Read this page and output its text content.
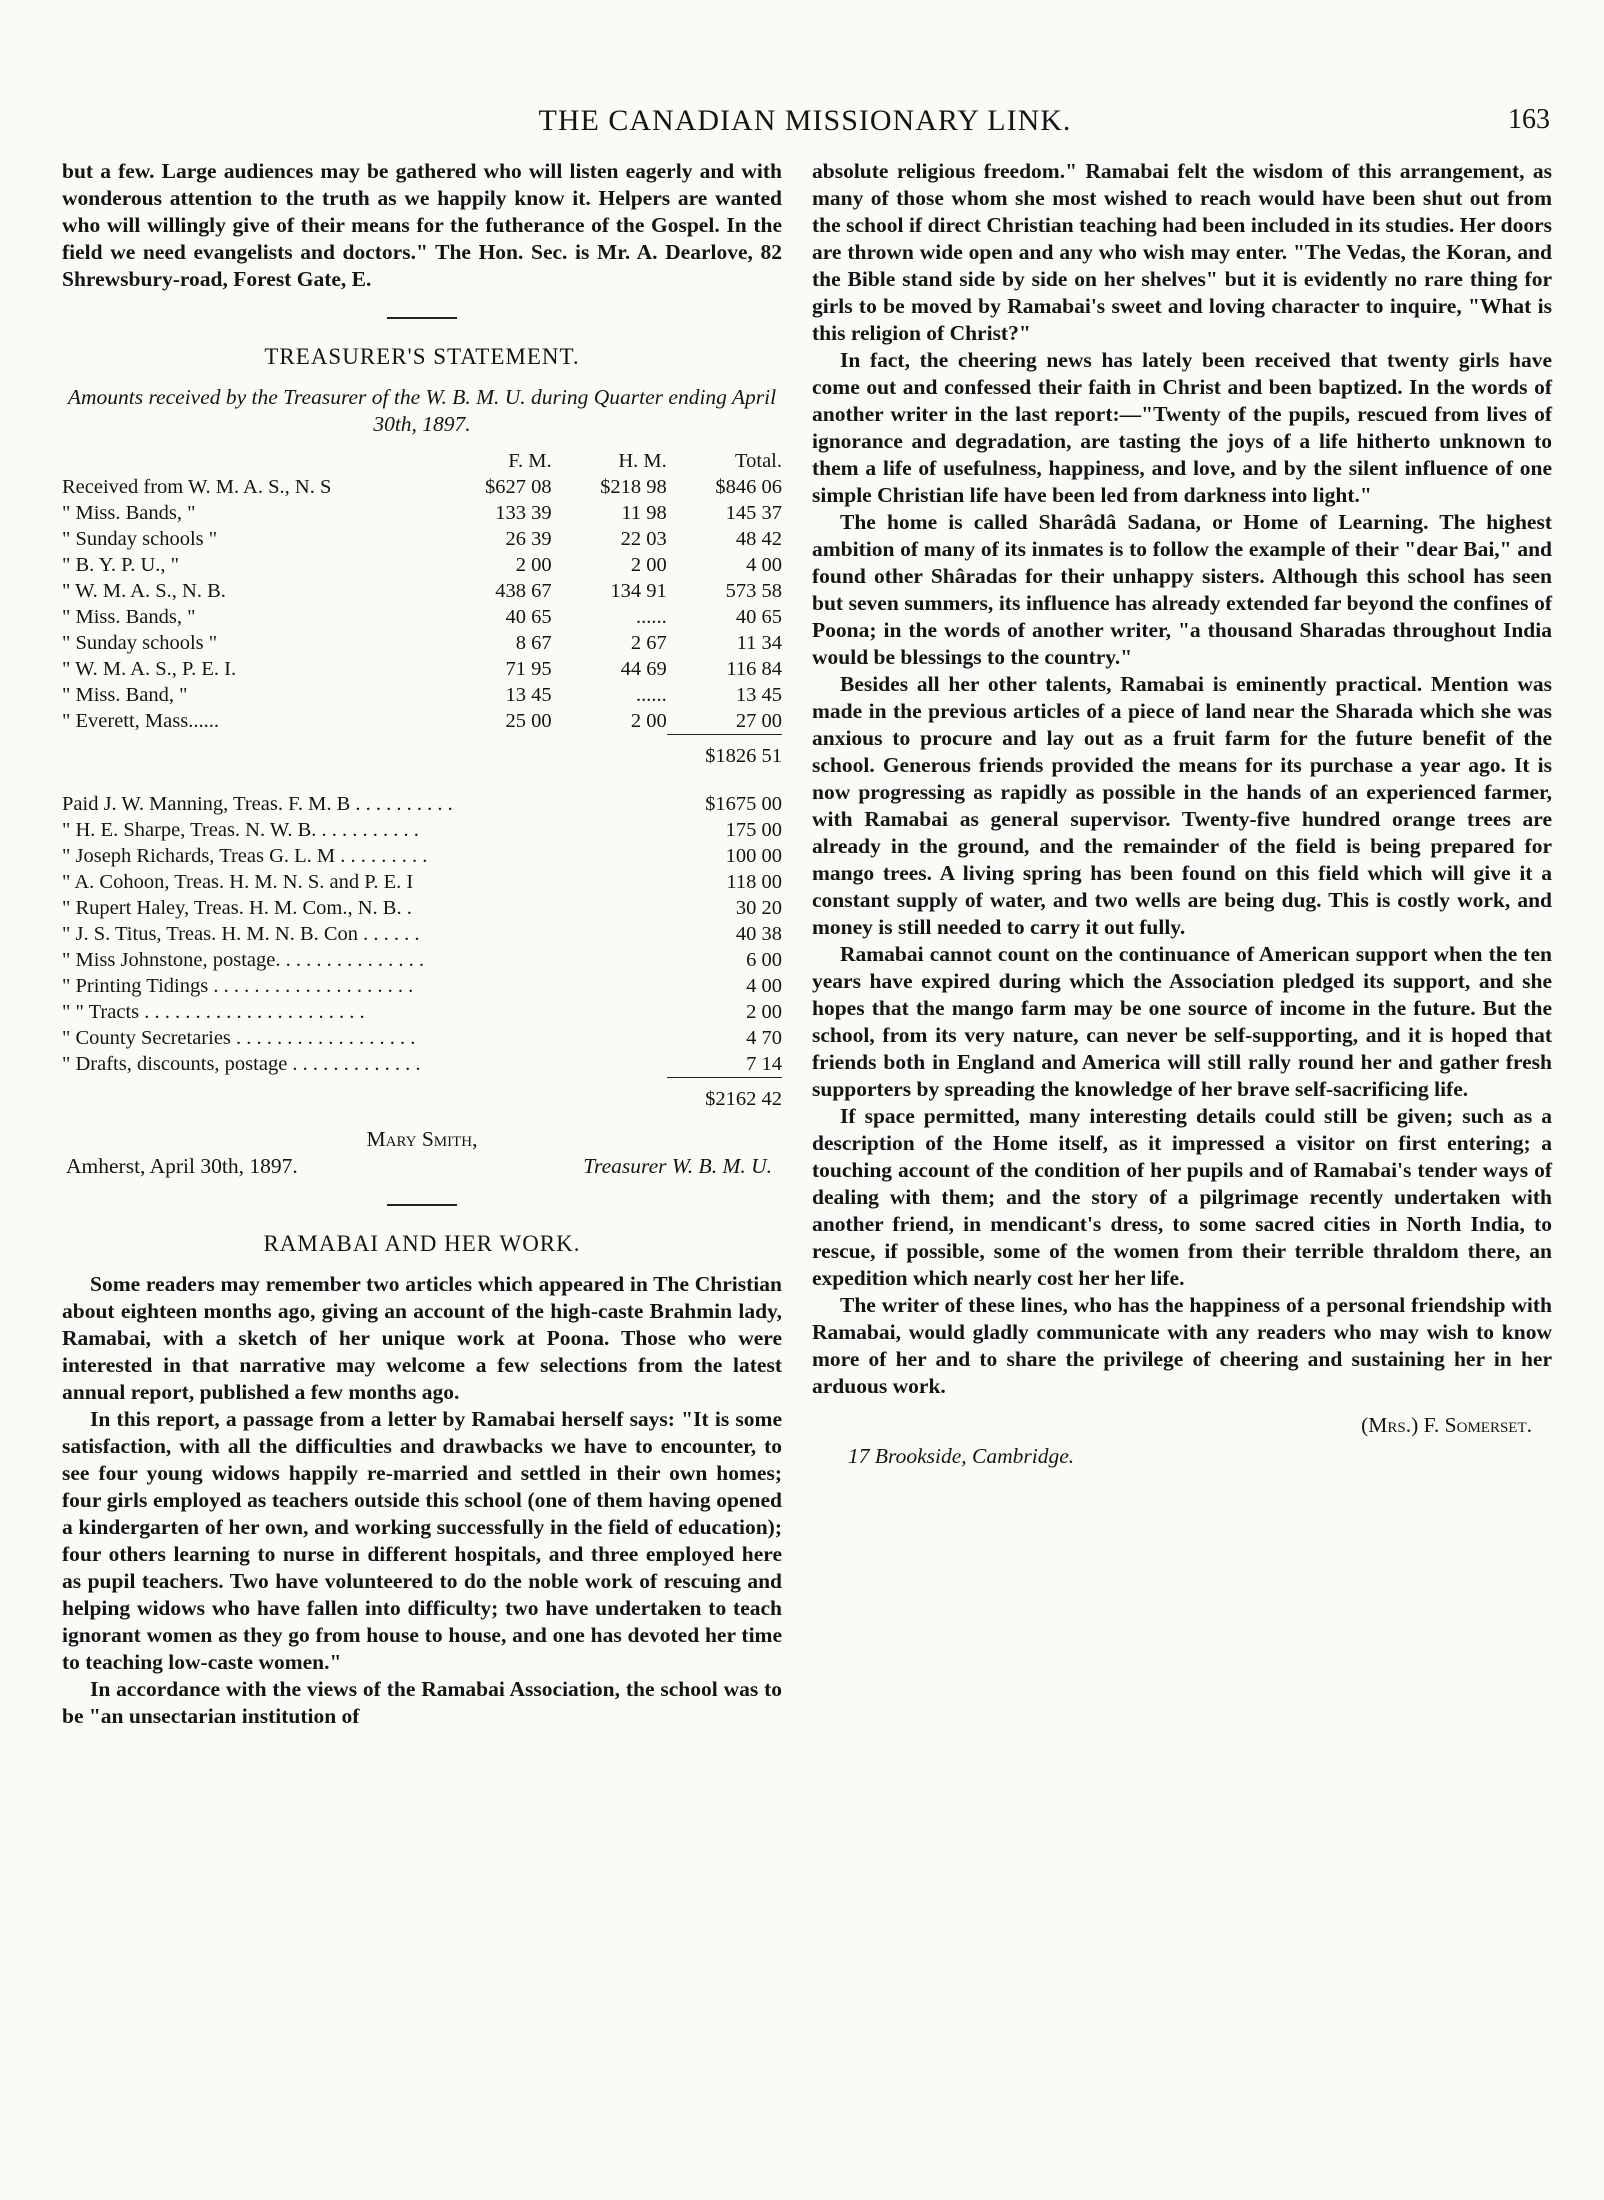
THE CANADIAN MISSIONARY LINK.	163

but a few. Large audiences may be gathered who will listen eagerly and with wonderous attention to the truth as we happily know it. Helpers are wanted who will willingly give of their means for the futherance of the Gospel. In the field we need evangelists and doctors." The Hon. Sec. is Mr. A. Dearlove, 82 Shrewsbury-road, Forest Gate, E.

TREASURER'S STATEMENT.
Amounts received by the Treasurer of the W. B. M. U. during Quarter ending April 30th, 1897.
	F. M.	H. M.	Total.
Received from W. M. A. S., N. S	$627 08	$218 98	$846 06
" Miss. Bands, "	133 39	11 98	145 37
" Sunday schools "	26 39	22 03	48 42
" B. Y. P. U., "	2 00	2 00	4 00
" W. M. A. S., N. B.	438 67	134 91	573 58
" Miss. Bands, "	40 65	......	40 65
" Sunday schools "	8 67	2 67	11 34
" W. M. A. S., P. E. I.	71 95	44 69	116 84
" Miss. Band, "	13 45	......	13 45
" Everett, Mass......	25 00	2 00	27 00
			$1826 51
Paid J. W. Manning, Treas. F. M. B . . . . . . . . . .	$1675 00
" H. E. Sharpe, Treas. N. W. B. . . . . . . . . . .	175 00
" Joseph Richards, Treas G. L. M . . . . . . . . .	100 00
" A. Cohoon, Treas. H. M. N. S. and P. E. I	118 00
" Rupert Haley, Treas. H. M. Com., N. B. .	30 20
" J. S. Titus, Treas. H. M. N. B. Con . . . . . .	40 38
" Miss Johnstone, postage. . . . . . . . . . . . . . .	6 00
" Printing Tidings . . . . . . . . . . . . . . . . . . . .	4 00
" " Tracts . . . . . . . . . . . . . . . . . . . . . .	2 00
" County Secretaries . . . . . . . . . . . . . . . . . .	4 70
" Drafts, discounts, postage . . . . . . . . . . . . .	7 14
	$2162 42
Mary Smith,
Amherst, April 30th, 1897.	Treasurer W. B. M. U.
RAMABAI AND HER WORK.

Some readers may remember two articles which appeared in The Christian about eighteen months ago, giving an account of the high-caste Brahmin lady, Ramabai, with a sketch of her unique work at Poona. Those who were interested in that narrative may welcome a few selections from the latest annual report, published a few months ago.

In this report, a passage from a letter by Ramabai herself says: "It is some satisfaction, with all the difficulties and drawbacks we have to encounter, to see four young widows happily re-married and settled in their own homes; four girls employed as teachers outside this school (one of them having opened a kindergarten of her own, and working successfully in the field of education); four others learning to nurse in different hospitals, and three employed here as pupil teachers. Two have volunteered to do the noble work of rescuing and helping widows who have fallen into difficulty; two have undertaken to teach ignorant women as they go from house to house, and one has devoted her time to teaching low-caste women."

In accordance with the views of the Ramabai Association, the school was to be "an unsectarian institution of

absolute religious freedom." Ramabai felt the wisdom of this arrangement, as many of those whom she most wished to reach would have been shut out from the school if direct Christian teaching had been included in its studies. Her doors are thrown wide open and any who wish may enter. "The Vedas, the Koran, and the Bible stand side by side on her shelves" but it is evidently no rare thing for girls to be moved by Ramabai's sweet and loving character to inquire, "What is this religion of Christ?"

In fact, the cheering news has lately been received that twenty girls have come out and confessed their faith in Christ and been baptized. In the words of another writer in the last report:—"Twenty of the pupils, rescued from lives of ignorance and degradation, are tasting the joys of a life hitherto unknown to them a life of usefulness, happiness, and love, and by the silent influence of one simple Christian life have been led from darkness into light."

The home is called Sharâdâ Sadana, or Home of Learning. The highest ambition of many of its inmates is to follow the example of their "dear Bai," and found other Shâradas for their unhappy sisters. Although this school has seen but seven summers, its influence has already extended far beyond the confines of Poona; in the words of another writer, "a thousand Sharadas throughout India would be blessings to the country."

Besides all her other talents, Ramabai is eminently practical. Mention was made in the previous articles of a piece of land near the Sharada which she was anxious to procure and lay out as a fruit farm for the future benefit of the school. Generous friends provided the means for its purchase a year ago. It is now progressing as rapidly as possible in the hands of an experienced farmer, with Ramabai as general supervisor. Twenty-five hundred orange trees are already in the ground, and the remainder of the field is being prepared for mango trees. A living spring has been found on this field which will give it a constant supply of water, and two wells are being dug. This is costly work, and money is still needed to carry it out fully.

Ramabai cannot count on the continuance of American support when the ten years have expired during which the Association pledged its support, and she hopes that the mango farm may be one source of income in the future. But the school, from its very nature, can never be self-supporting, and it is hoped that friends both in England and America will still rally round her and gather fresh supporters by spreading the knowledge of her brave self-sacrificing life.

If space permitted, many interesting details could still be given; such as a description of the Home itself, as it impressed a visitor on first entering; a touching account of the condition of her pupils and of Ramabai's tender ways of dealing with them; and the story of a pilgrimage recently undertaken with another friend, in mendicant's dress, to some sacred cities in North India, to rescue, if possible, some of the women from their terrible thraldom there, an expedition which nearly cost her her life.

The writer of these lines, who has the happiness of a personal friendship with Ramabai, would gladly communicate with any readers who may wish to know more of her and to share the privilege of cheering and sustaining her in her arduous work.

(Mrs.) F. Somerset.
17 Brookside, Cambridge.
